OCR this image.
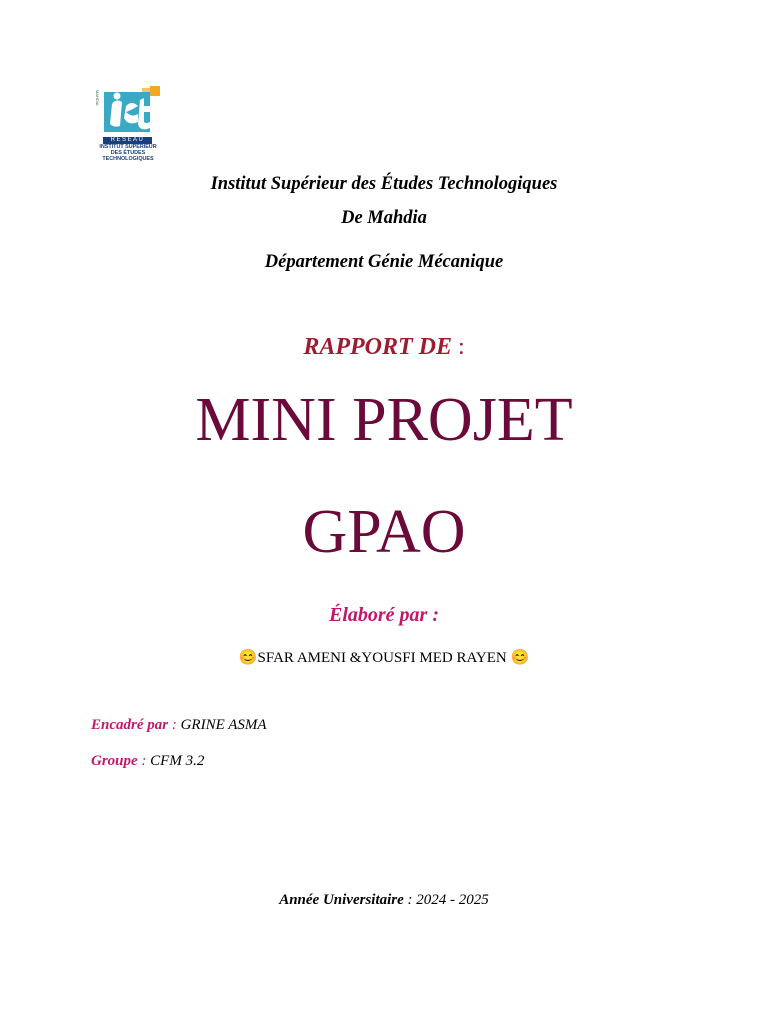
MAHDIA
RESEAU
INSTITUT SUPÉRIEUR
DES ÉTUDES
TECHNOLOGIQUES
Institut Supérieur des Études Technologiques
De Mahdia
Département Génie Mécanique
RAPPORT DE :
MINI PROJET
GPAO
Élaboré par :
😊SFAR AMENI &YOUSFI MED RAYEN 😊
Encadré par : GRINE ASMA
Groupe : CFM 3.2
Année Universitaire : 2024 - 2025
